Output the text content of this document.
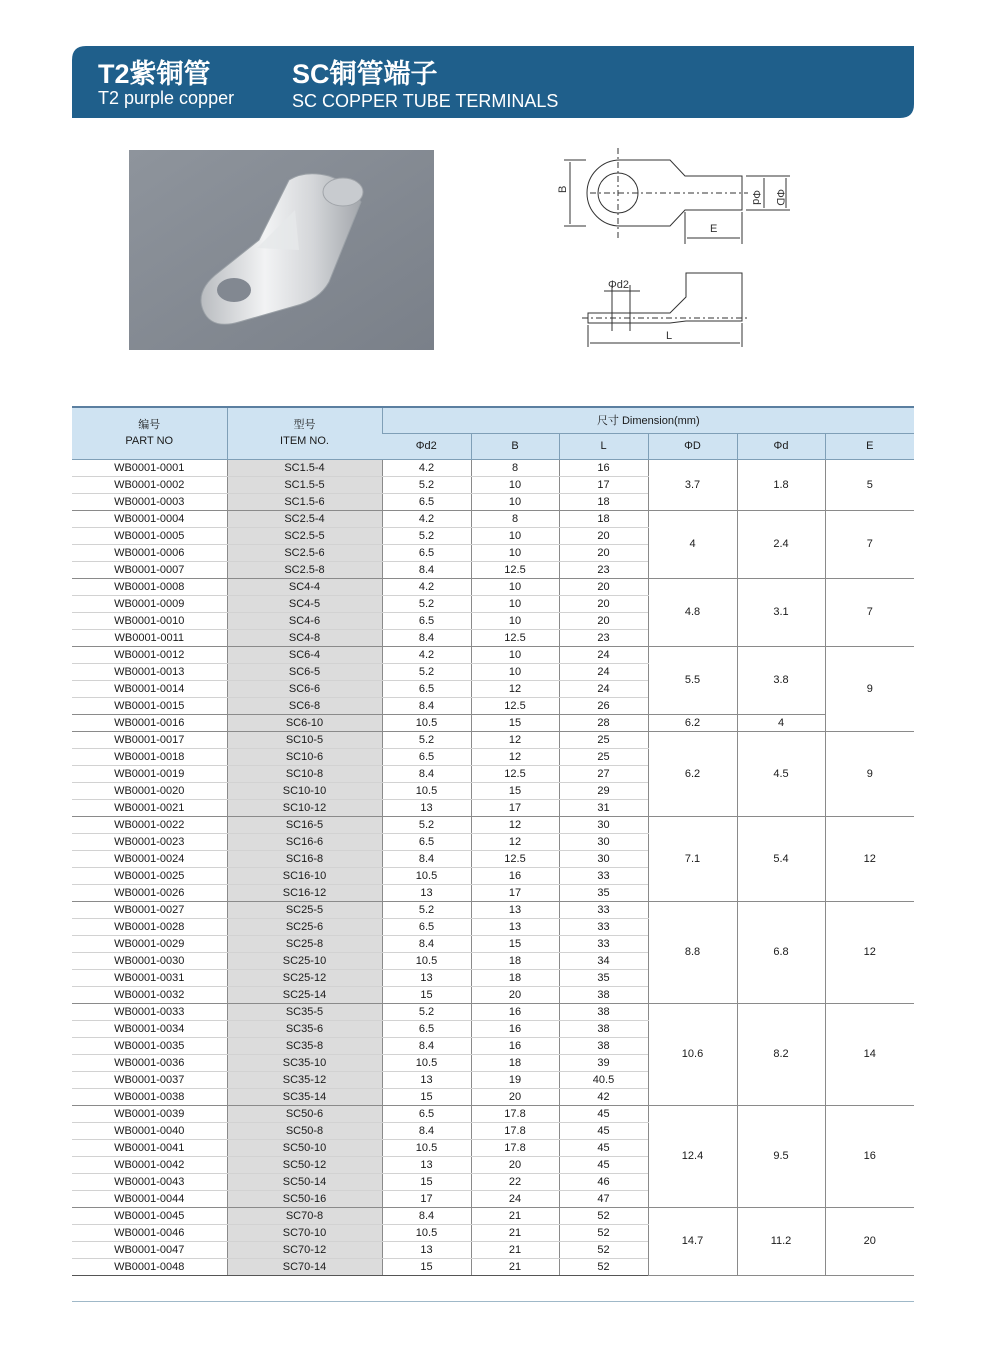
T2紫铜管
T2 purple copper
SC铜管端子
SC COPPER TUBE TERMINALS
B
E
Φd ΦD
Φd2
L
编号
PART NO	型号
ITEM NO.	尺寸 Dimension(mm)					
		Φd2	B	L	ΦD	Φd	E
WB0001-0001	SC1.5-4	4.2	8	16	3.7	1.8	5
WB0001-0002	SC1.5-5	5.2	10	17			
WB0001-0003	SC1.5-6	6.5	10	18			
WB0001-0004	SC2.5-4	4.2	8	18	4	2.4	7
WB0001-0005	SC2.5-5	5.2	10	20			
WB0001-0006	SC2.5-6	6.5	10	20			
WB0001-0007	SC2.5-8	8.4	12.5	23			
WB0001-0008	SC4-4	4.2	10	20	4.8	3.1	7
WB0001-0009	SC4-5	5.2	10	20			
WB0001-0010	SC4-6	6.5	10	20			
WB0001-0011	SC4-8	8.4	12.5	23			
WB0001-0012	SC6-4	4.2	10	24	5.5	3.8	9
WB0001-0013	SC6-5	5.2	10	24			
WB0001-0014	SC6-6	6.5	12	24			
WB0001-0015	SC6-8	8.4	12.5	26			
WB0001-0016	SC6-10	10.5	15	28	6.2	4	
WB0001-0017	SC10-5	5.2	12	25	6.2	4.5	9
WB0001-0018	SC10-6	6.5	12	25			
WB0001-0019	SC10-8	8.4	12.5	27			
WB0001-0020	SC10-10	10.5	15	29			
WB0001-0021	SC10-12	13	17	31			
WB0001-0022	SC16-5	5.2	12	30	7.1	5.4	12
WB0001-0023	SC16-6	6.5	12	30			
WB0001-0024	SC16-8	8.4	12.5	30			
WB0001-0025	SC16-10	10.5	16	33			
WB0001-0026	SC16-12	13	17	35			
WB0001-0027	SC25-5	5.2	13	33	8.8	6.8	12
WB0001-0028	SC25-6	6.5	13	33			
WB0001-0029	SC25-8	8.4	15	33			
WB0001-0030	SC25-10	10.5	18	34			
WB0001-0031	SC25-12	13	18	35			
WB0001-0032	SC25-14	15	20	38			
WB0001-0033	SC35-5	5.2	16	38	10.6	8.2	14
WB0001-0034	SC35-6	6.5	16	38			
WB0001-0035	SC35-8	8.4	16	38			
WB0001-0036	SC35-10	10.5	18	39			
WB0001-0037	SC35-12	13	19	40.5			
WB0001-0038	SC35-14	15	20	42			
WB0001-0039	SC50-6	6.5	17.8	45	12.4	9.5	16
WB0001-0040	SC50-8	8.4	17.8	45			
WB0001-0041	SC50-10	10.5	17.8	45			
WB0001-0042	SC50-12	13	20	45			
WB0001-0043	SC50-14	15	22	46			
WB0001-0044	SC50-16	17	24	47			
WB0001-0045	SC70-8	8.4	21	52	14.7	11.2	20
WB0001-0046	SC70-10	10.5	21	52			
WB0001-0047	SC70-12	13	21	52			
WB0001-0048	SC70-14	15	21	52			
